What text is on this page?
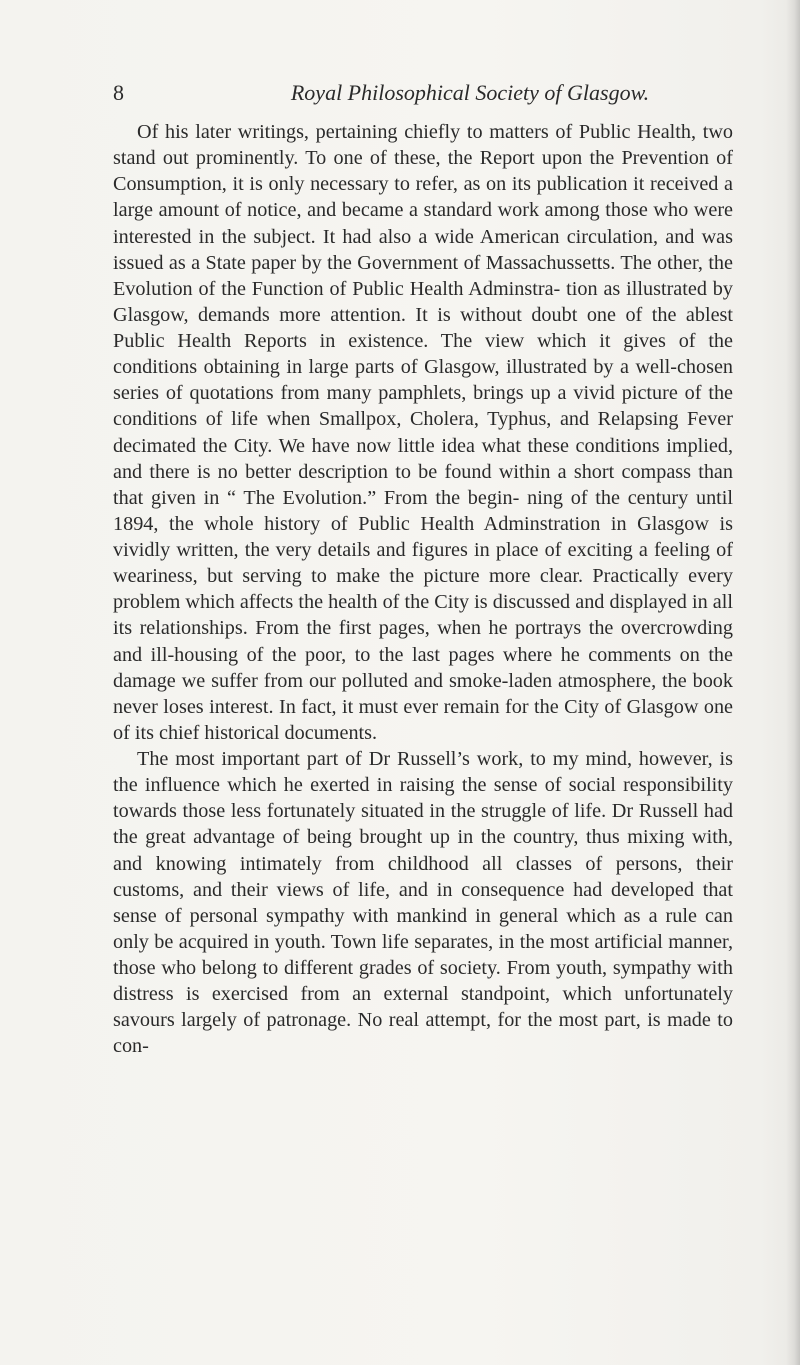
8	Royal Philosophical Society of Glasgow.

Of his later writings, pertaining chiefly to matters of Public Health, two stand out prominently. To one of these, the Report upon the Prevention of Consumption, it is only necessary to refer, as on its publication it received a large amount of notice, and became a standard work among those who were interested in the subject. It had also a wide American circulation, and was issued as a State paper by the Government of Massachussetts. The other, the Evolution of the Function of Public Health Adminstra- tion as illustrated by Glasgow, demands more attention. It is without doubt one of the ablest Public Health Reports in existence. The view which it gives of the conditions obtaining in large parts of Glasgow, illustrated by a well-chosen series of quotations from many pamphlets, brings up a vivid picture of the conditions of life when Smallpox, Cholera, Typhus, and Relapsing Fever decimated the City. We have now little idea what these conditions implied, and there is no better description to be found within a short compass than that given in “ The Evolution.” From the begin- ning of the century until 1894, the whole history of Public Health Adminstration in Glasgow is vividly written, the very details and figures in place of exciting a feeling of weariness, but serving to make the picture more clear. Practically every problem which affects the health of the City is discussed and displayed in all its relationships. From the first pages, when he portrays the overcrowding and ill-housing of the poor, to the last pages where he comments on the damage we suffer from our polluted and smoke-laden atmosphere, the book never loses interest. In fact, it must ever remain for the City of Glasgow one of its chief historical documents.

The most important part of Dr Russell’s work, to my mind, however, is the influence which he exerted in raising the sense of social responsibility towards those less fortunately situated in the struggle of life. Dr Russell had the great advantage of being brought up in the country, thus mixing with, and knowing intimately from childhood all classes of persons, their customs, and their views of life, and in consequence had developed that sense of personal sympathy with mankind in general which as a rule can only be acquired in youth. Town life separates, in the most artificial manner, those who belong to different grades of society. From youth, sympathy with distress is exercised from an external standpoint, which unfortunately savours largely of patronage. No real attempt, for the most part, is made to con-
